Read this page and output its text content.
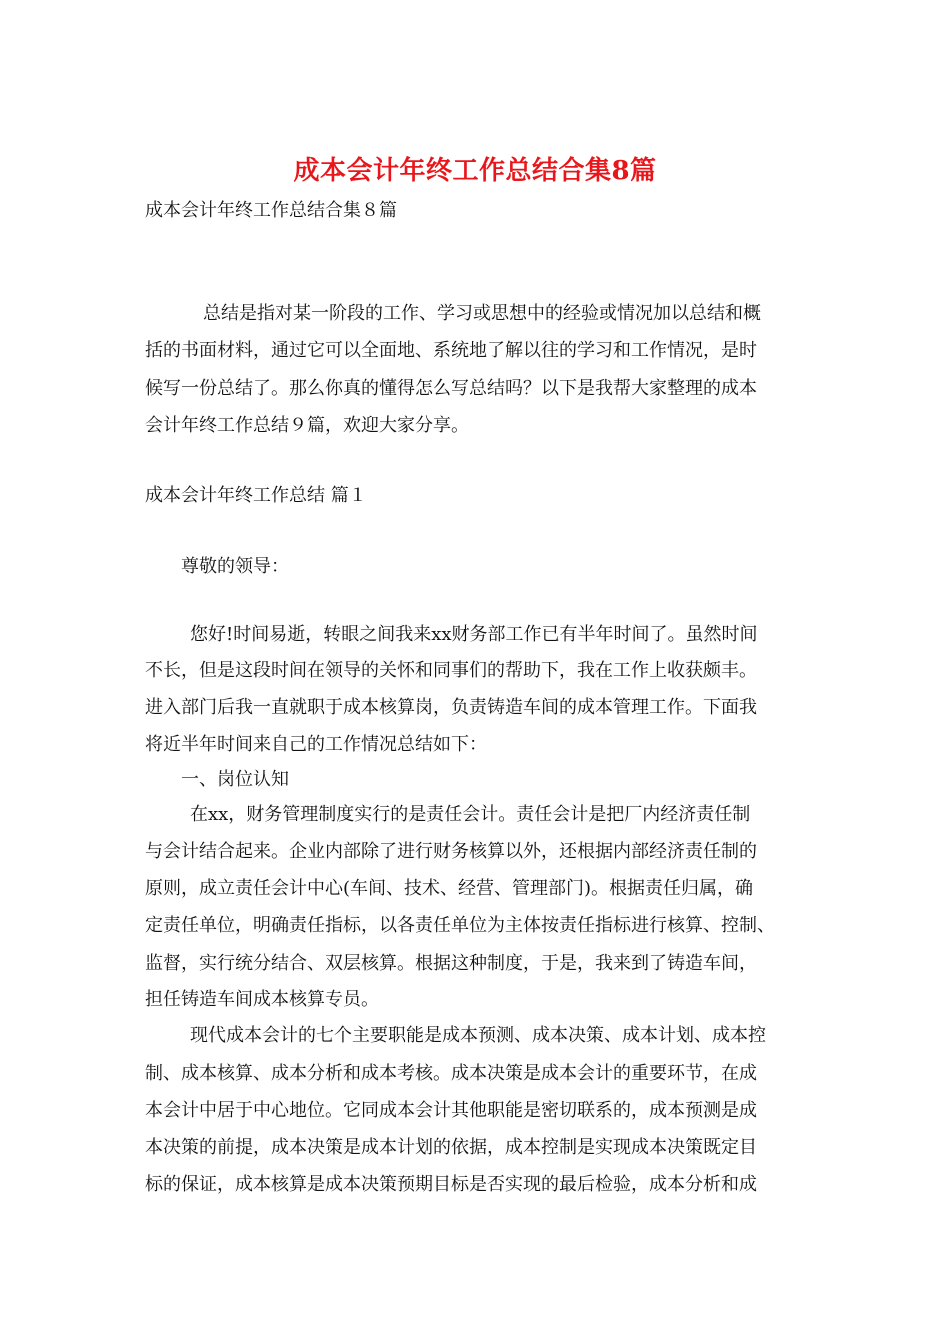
成本会计年终工作总结合集8篇
成本会计年终工作总结合集８篇
总结是指对某一阶段的工作、学习或思想中的经验或情况加以总结和概
括的书面材料，通过它可以全面地、系统地了解以往的学习和工作情况，是时
候写一份总结了。那么你真的懂得怎么写总结吗？以下是我帮大家整理的成本
会计年终工作总结９篇，欢迎大家分享。
成本会计年终工作总结 篇１
尊敬的领导：
您好!时间易逝，转眼之间我来xx财务部工作已有半年时间了。虽然时间
不长，但是这段时间在领导的关怀和同事们的帮助下，我在工作上收获颇丰。
进入部门后我一直就职于成本核算岗，负责铸造车间的成本管理工作。下面我
将近半年时间来自己的工作情况总结如下：
一、岗位认知
在xx，财务管理制度实行的是责任会计。责任会计是把厂内经济责任制
与会计结合起来。企业内部除了进行财务核算以外，还根据内部经济责任制的
原则，成立责任会计中心(车间、技术、经营、管理部门)。根据责任归属，确
定责任单位，明确责任指标，以各责任单位为主体按责任指标进行核算、控制、
监督，实行统分结合、双层核算。根据这种制度，于是，我来到了铸造车间，
担任铸造车间成本核算专员。
现代成本会计的七个主要职能是成本预测、成本决策、成本计划、成本控
制、成本核算、成本分析和成本考核。成本决策是成本会计的重要环节，在成
本会计中居于中心地位。它同成本会计其他职能是密切联系的，成本预测是成
本决策的前提，成本决策是成本计划的依据，成本控制是实现成本决策既定目
标的保证，成本核算是成本决策预期目标是否实现的最后检验，成本分析和成
